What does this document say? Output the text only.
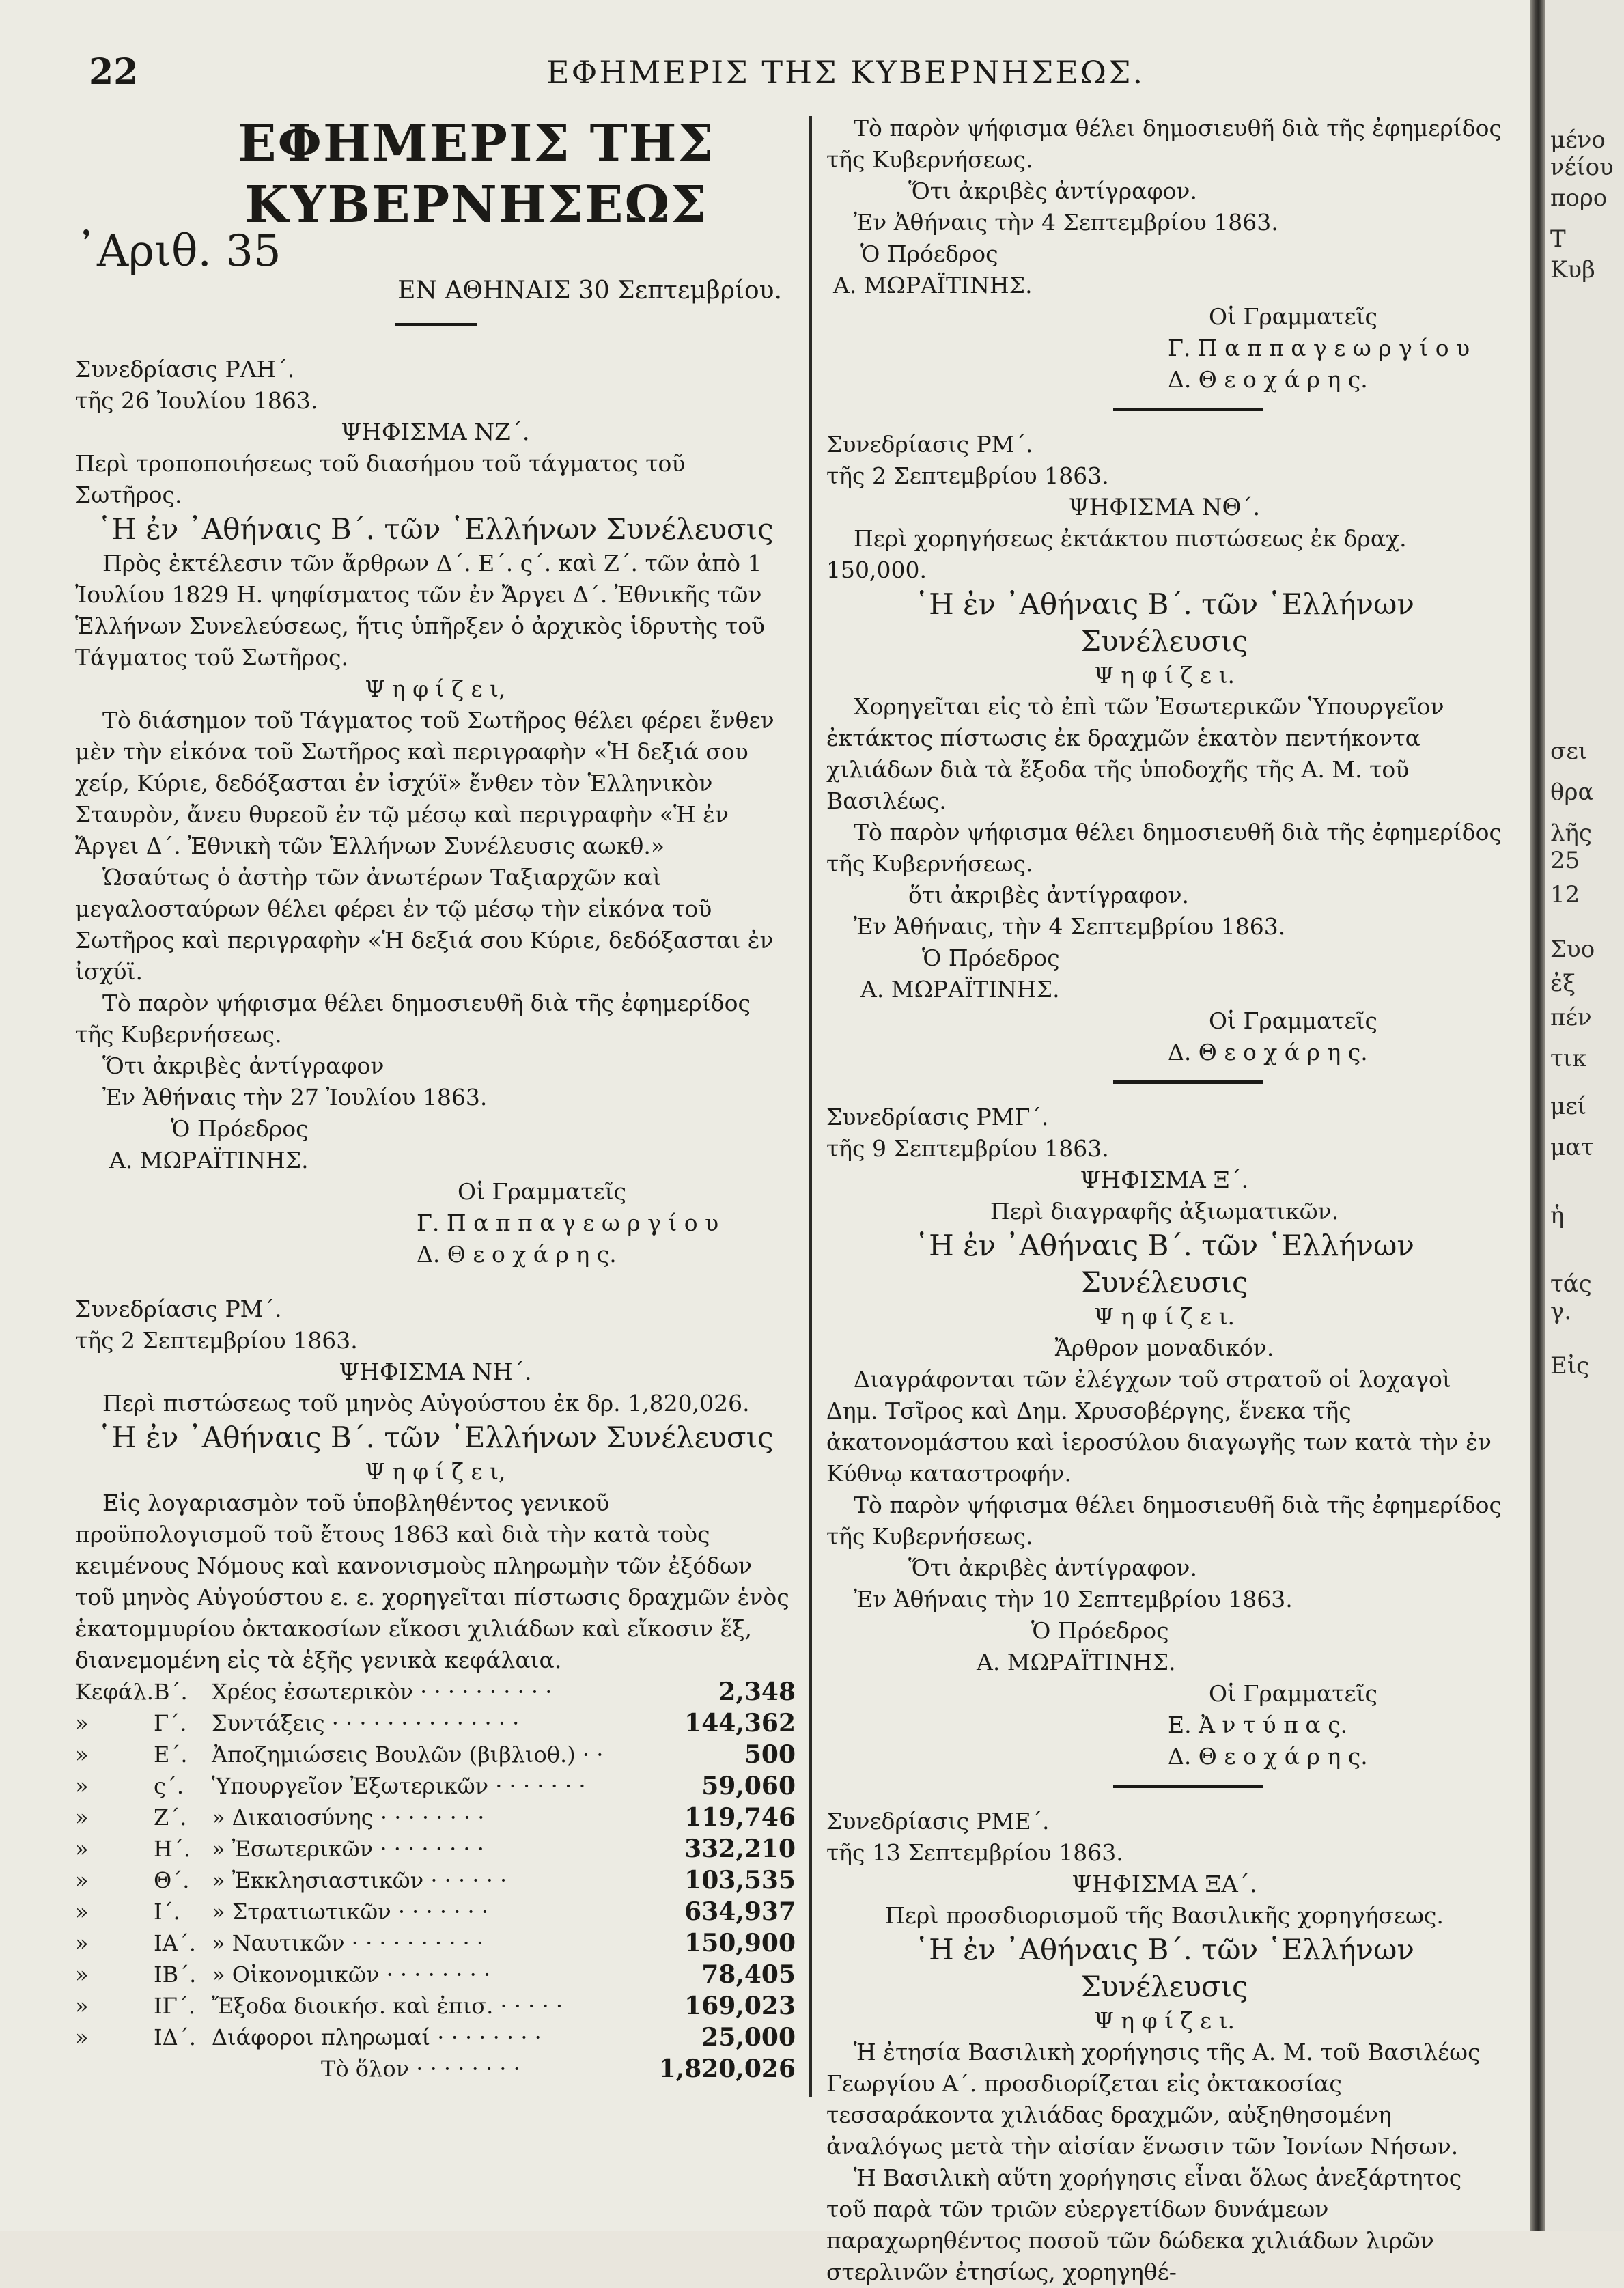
22	ΕΦΗΜΕΡΙΣ ΤΗΣ ΚΥΒΕΡΝΗΣΕΩΣ.
ΕΦΗΜΕΡΙΣ ΤΗΣ ΚΥΒΕΡΝΗΣΕΩΣ
᾿Αριθ. 35
ΕΝ ΑΘΗΝΑΙΣ 30 Σεπτεμβρίου.

Συνεδρίασις ΡΛΗ΄.

τῆς 26 Ἰουλίου 1863.

ΨΗΦΙΣΜΑ ΝΖ΄.

Περὶ τροποποιήσεως τοῦ διασήμου τοῦ τάγματος τοῦ Σωτῆρος.

῾Η ἐν ᾿Αθήναις Β΄. τῶν ῾Ελλήνων Συνέλευσις

Πρὸς ἐκτέλεσιν τῶν ἄρθρων Δ΄. Ε΄. ς΄. καὶ Ζ΄. τῶν ἀπὸ 1 Ἰουλίου 1829 Η. ψηφίσματος τῶν ἐν Ἄργει Δ΄. Ἐθνικῆς τῶν Ἑλλήνων Συνελεύσεως, ἥτις ὑπῆρξεν ὁ ἀρχικὸς ἱδρυτὴς τοῦ Τάγματος τοῦ Σωτῆρος.

Ψ η φ ί ζ ε ι,

Τὸ διάσημον τοῦ Τάγματος τοῦ Σωτῆρος θέλει φέρει ἔνθεν μὲν τὴν εἰκόνα τοῦ Σωτῆρος καὶ περιγραφὴν «Ἡ δεξιά σου χείρ, Κύριε, δεδόξασται ἐν ἰσχύϊ» ἔνθεν τὸν Ἑλληνικὸν Σταυρὸν, ἄνευ θυρεοῦ ἐν τῷ μέσῳ καὶ περιγραφὴν «Ἡ ἐν Ἄργει Δ΄. Ἐθνικὴ τῶν Ἑλλήνων Συνέλευσις αωκθ.»

Ὡσαύτως ὁ ἀστὴρ τῶν ἀνωτέρων Ταξιαρχῶν καὶ μεγαλοσταύρων θέλει φέρει ἐν τῷ μέσῳ τὴν εἰκόνα τοῦ Σωτῆρος καὶ περιγραφὴν «Ἡ δεξιά σου Κύριε, δεδόξασται ἐν ἰσχύϊ.

Τὸ παρὸν ψήφισμα θέλει δημοσιευθῆ διὰ τῆς ἐφημερίδος τῆς Κυβερνήσεως.

Ὅτι ἀκριβὲς ἀντίγραφον

Ἐν Ἀθήναις τὴν 27 Ἰουλίου 1863.

Ὁ Πρόεδρος

Α. ΜΩΡΑΪΤΙΝΗΣ.

Οἱ Γραμματεῖς

Γ. Π α π π α γ ε ω ρ γ ί ο υ

Δ. Θ ε ο χ ά ρ η ς.

Συνεδρίασις ΡΜ΄.

τῆς 2 Σεπτεμβρίου 1863.

ΨΗΦΙΣΜΑ ΝΗ΄.

Περὶ πιστώσεως τοῦ μηνὸς Αὐγούστου ἐκ δρ. 1,820,026.

῾Η ἐν ᾿Αθήναις Β΄. τῶν ῾Ελλήνων Συνέλευσις

Ψ η φ ί ζ ε ι,

Εἰς λογαριασμὸν τοῦ ὑποβληθέντος γενικοῦ προϋπολογισμοῦ τοῦ ἔτους 1863 καὶ διὰ τὴν κατὰ τοὺς κειμένους Νόμους καὶ κανονισμοὺς πληρωμὴν τῶν ἐξόδων τοῦ μηνὸς Αὐγούστου ε. ε. χορηγεῖται πίστωσις δραχμῶν ἑνὸς ἑκατομμυρίου ὀκτακοσίων εἴκοσι χιλιάδων καὶ εἴκοσιν ἕξ, διανεμομένη εἰς τὰ ἑξῆς γενικὰ κεφάλαια.

Κεφάλ.	Β΄.	Χρέος ἐσωτερικὸν · · · · · · · · · ·	2,348
»	Γ΄.	Συντάξεις · · · · · · · · · · · · · ·	144,362
»	Ε΄.	Ἀποζημιώσεις Βουλῶν (βιβλιοθ.) · ·	500
»	ς΄.	Ὑπουργεῖον Ἐξωτερικῶν · · · · · · ·	59,060
»	Ζ΄.	» Δικαιοσύνης · · · · · · · ·	119,746
»	Η΄.	» Ἐσωτερικῶν · · · · · · · ·	332,210
»	Θ΄.	» Ἐκκλησιαστικῶν · · · · · ·	103,535
»	Ι΄.	» Στρατιωτικῶν · · · · · · ·	634,937
»	ΙΑ΄.	» Ναυτικῶν · · · · · · · · · ·	150,900
»	ΙΒ΄.	» Οἰκονομικῶν · · · · · · · ·	78,405
»	ΙΓ΄.	Ἔξοδα διοικήσ. καὶ ἐπισ. · · · · ·	169,023
»	ΙΔ΄.	Διάφοροι πληρωμαί · · · · · · · ·	25,000
		Τὸ ὅλον · · · · · · · ·	1,820,026

Τὸ παρὸν ψήφισμα θέλει δημοσιευθῆ διὰ τῆς ἐφημερίδος τῆς Κυβερνήσεως.

Ὅτι ἀκριβὲς ἀντίγραφον.

Ἐν Ἀθήναις τὴν 4 Σεπτεμβρίου 1863.

Ὁ Πρόεδρος

Α. ΜΩΡΑΪΤΙΝΗΣ.

Οἱ Γραμματεῖς

Γ. Π α π π α γ ε ω ρ γ ί ο υ

Δ. Θ ε ο χ ά ρ η ς.

Συνεδρίασις ΡΜ΄.

τῆς 2 Σεπτεμβρίου 1863.

ΨΗΦΙΣΜΑ ΝΘ΄.

Περὶ χορηγήσεως ἐκτάκτου πιστώσεως ἐκ δραχ. 150,000.

῾Η ἐν ᾿Αθήναις Β΄. τῶν ῾Ελλήνων Συνέλευσις

Ψ η φ ί ζ ε ι.

Χορηγεῖται εἰς τὸ ἐπὶ τῶν Ἐσωτερικῶν Ὑπουργεῖον ἐκτάκτος πίστωσις ἐκ δραχμῶν ἑκατὸν πεντήκοντα χιλιάδων διὰ τὰ ἔξοδα τῆς ὑποδοχῆς τῆς Α. Μ. τοῦ Βασιλέως.

Τὸ παρὸν ψήφισμα θέλει δημοσιευθῆ διὰ τῆς ἐφημερίδος τῆς Κυβερνήσεως.

ὅτι ἀκριβὲς ἀντίγραφον.

Ἐν Ἀθήναις, τὴν 4 Σεπτεμβρίου 1863.

Ὁ Πρόεδρος

Α. ΜΩΡΑΪΤΙΝΗΣ.

Οἱ Γραμματεῖς

Δ. Θ ε ο χ ά ρ η ς.

Συνεδρίασις ΡΜΓ΄.

τῆς 9 Σεπτεμβρίου 1863.

ΨΗΦΙΣΜΑ Ξ΄.

Περὶ διαγραφῆς ἀξιωματικῶν.

῾Η ἐν ᾿Αθήναις Β΄. τῶν ῾Ελλήνων Συνέλευσις

Ψ η φ ί ζ ε ι.

Ἄρθρον μοναδικόν.

Διαγράφονται τῶν ἐλέγχων τοῦ στρατοῦ οἱ λοχαγοὶ Δημ. Τσῖρος καὶ Δημ. Χρυσοβέργης, ἕνεκα τῆς ἀκατονομάστου καὶ ἱεροσύλου διαγωγῆς των κατὰ τὴν ἐν Κύθνῳ καταστροφήν.

Τὸ παρὸν ψήφισμα θέλει δημοσιευθῆ διὰ τῆς ἐφημερίδος τῆς Κυβερνήσεως.

Ὅτι ἀκριβὲς ἀντίγραφον.

Ἐν Ἀθήναις τὴν 10 Σεπτεμβρίου 1863.

Ὁ Πρόεδρος

Α. ΜΩΡΑΪΤΙΝΗΣ.

Οἱ Γραμματεῖς

Ε. Ἀ ν τ ύ π α ς.

Δ. Θ ε ο χ ά ρ η ς.

Συνεδρίασις ΡΜΕ΄.

τῆς 13 Σεπτεμβρίου 1863.

ΨΗΦΙΣΜΑ ΞΑ΄.

Περὶ προσδιορισμοῦ τῆς Βασιλικῆς χορηγήσεως.

῾Η ἐν ᾿Αθήναις Β΄. τῶν ῾Ελλήνων Συνέλευσις

Ψ η φ ί ζ ε ι.

Ἡ ἐτησία Βασιλικὴ χορήγησις τῆς Α. Μ. τοῦ Βασιλέως Γεωργίου Α΄. προσδιορίζεται εἰς ὀκτακοσίας τεσσαράκοντα χιλιάδας δραχμῶν, αὐξηθησομένη ἀναλόγως μετὰ τὴν αἰσίαν ἕνωσιν τῶν Ἰονίων Νήσων.

Ἡ Βασιλικὴ αὕτη χορήγησις εἶναι ὅλως ἀνεξάρτητος τοῦ παρὰ τῶν τριῶν εὐεργετίδων δυνάμεων παραχωρηθέντος ποσοῦ τῶν δώδεκα χιλιάδων λιρῶν στερλινῶν ἐτησίως, χορηγηθέ-

μένο
νέίου
πορο
Τ
Κυβ
σει
θρα
λῆς
25
12
Συο
ἐξ
πέν
τικ
μεί
ματ
ἡ
τάς
γ.
Εἰς
